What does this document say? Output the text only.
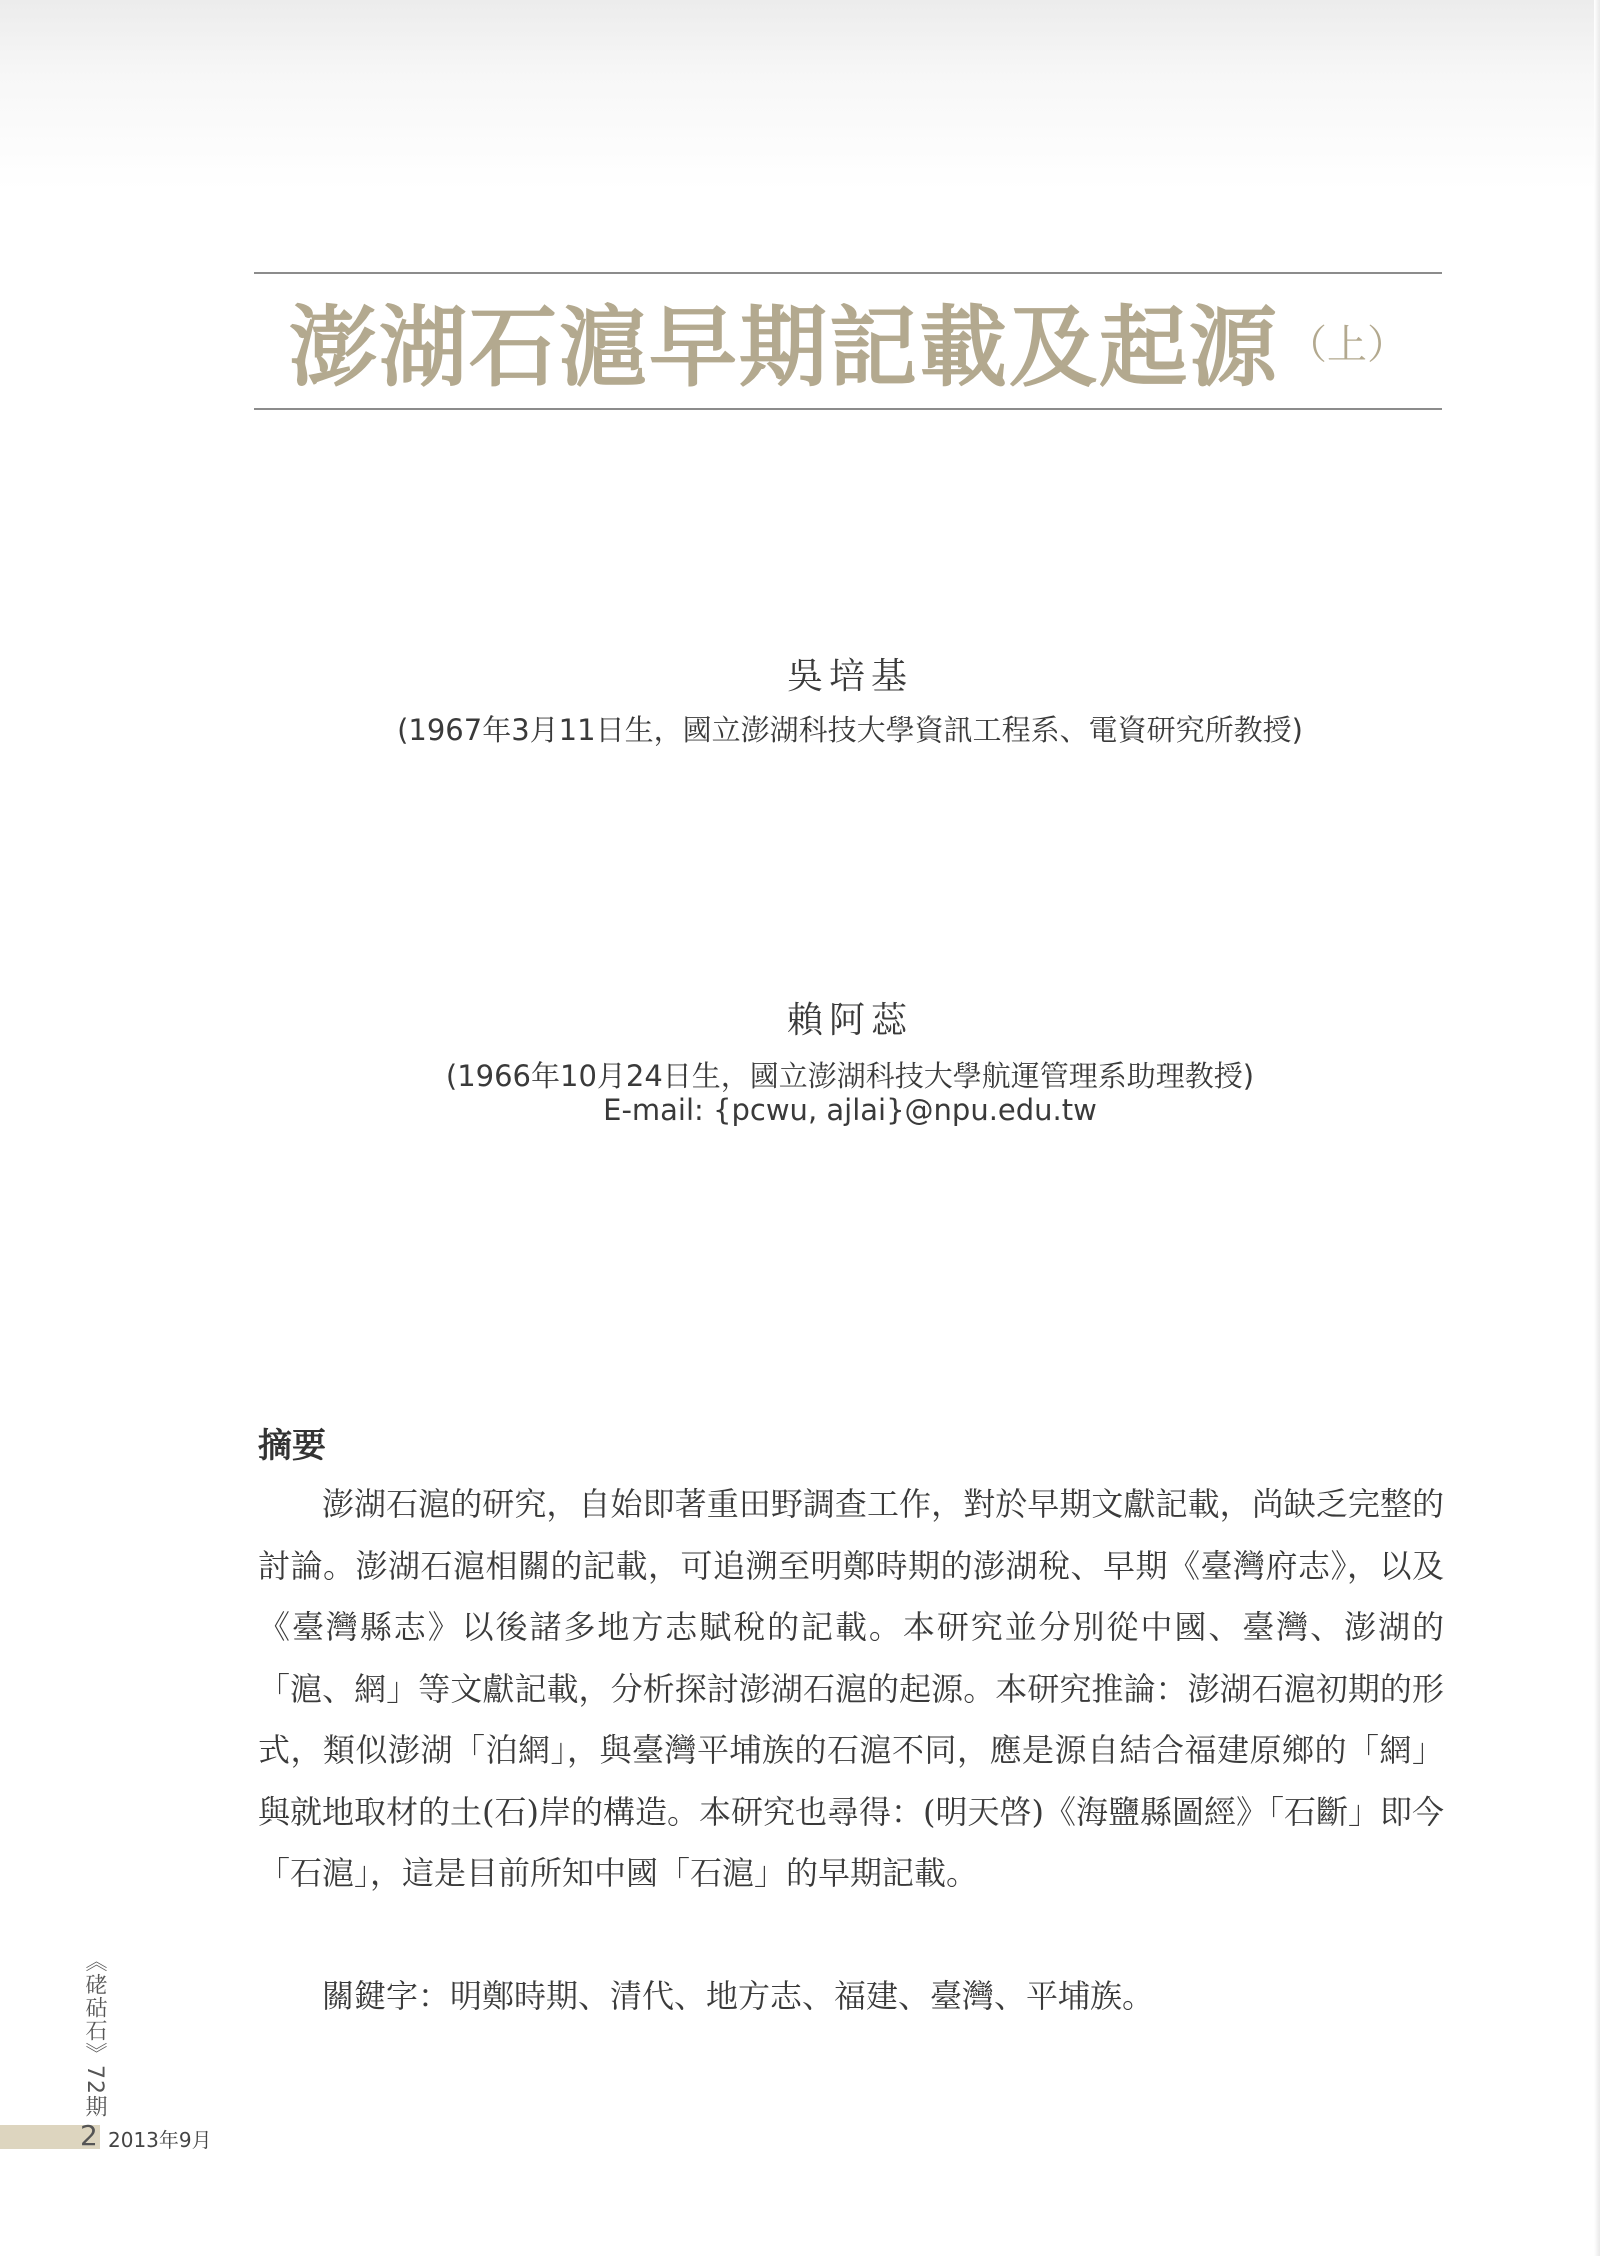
澎湖石滬早期記載及起源 （上）
吳培基
(1967年3月11日生，國立澎湖科技大學資訊工程系、電資研究所教授)
賴阿蕊
(1966年10月24日生，國立澎湖科技大學航運管理系助理教授)
E-mail: {pcwu, ajlai}@npu.edu.tw
摘要

澎湖石滬的研究，自始即著重田野調查工作，對於早期文獻記載，尚缺乏完整的討論。澎湖石滬相關的記載，可追溯至明鄭時期的澎湖稅、早期《臺灣府志》，以及《臺灣縣志》以後諸多地方志賦稅的記載。本研究並分別從中國、臺灣、澎湖的「滬、網」等文獻記載，分析探討澎湖石滬的起源。本研究推論：澎湖石滬初期的形式，類似澎湖「泊網」，與臺灣平埔族的石滬不同，應是源自結合福建原鄉的「網」與就地取材的土(石)岸的構造。本研究也尋得：(明天啓)《海鹽縣圖經》「石斷」即今「石滬」，這是目前所知中國「石滬」的早期記載。

關鍵字：明鄭時期、清代、地方志、福建、臺灣、平埔族。

《硓𥑮石》72期
2 2013年9月
